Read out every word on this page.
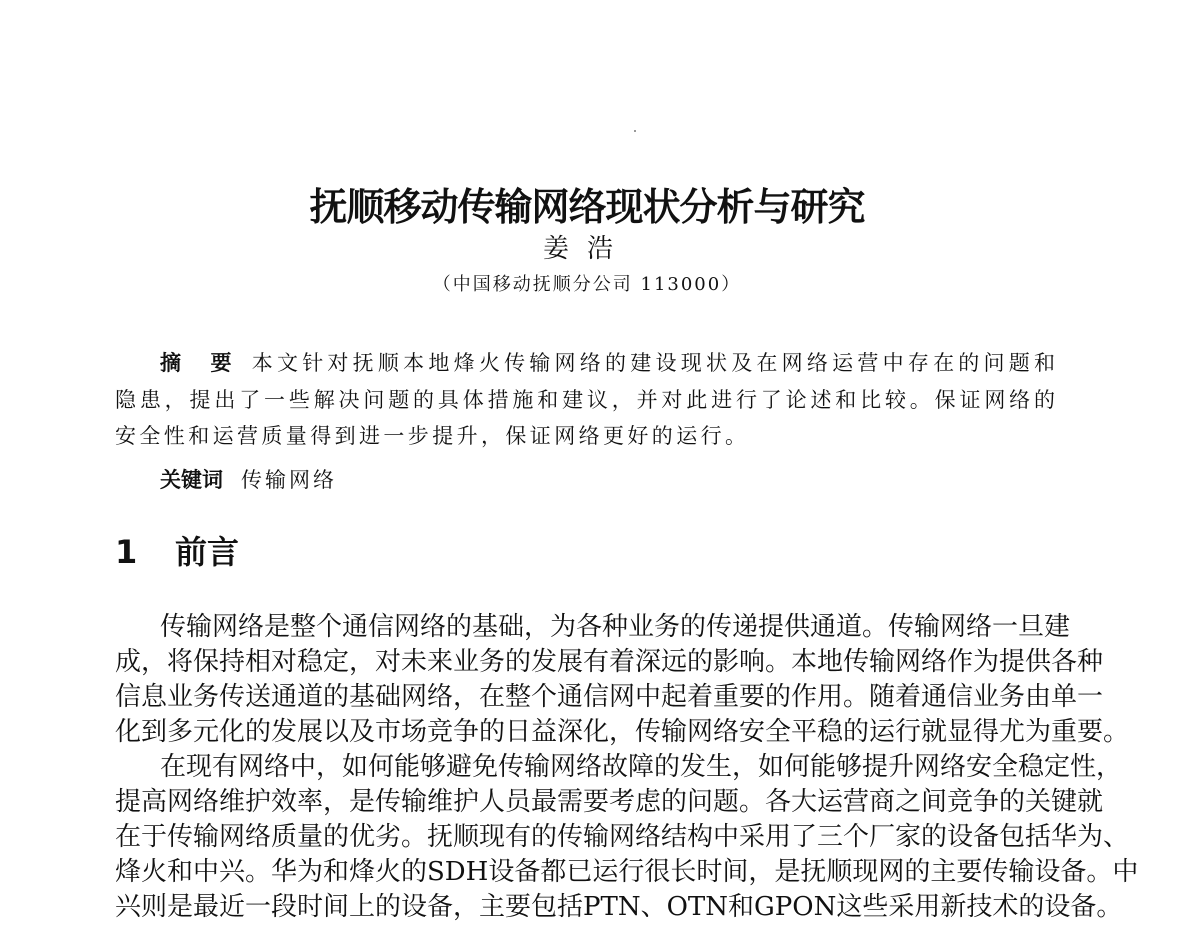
抚顺移动传输网络现状分析与研究
姜浩
（中国移动抚顺分公司 113000）
摘　要 本文针对抚顺本地烽火传输网络的建设现状及在网络运营中存在的问题和
隐患，提出了一些解决问题的具体措施和建议，并对此进行了论述和比较。保证网络的
安全性和运营质量得到进一步提升，保证网络更好的运行。
关键词 传输网络
1 前言
传输网络是整个通信网络的基础，为各种业务的传递提供通道。传输网络一旦建
成，将保持相对稳定，对未来业务的发展有着深远的影响。本地传输网络作为提供各种
信息业务传送通道的基础网络，在整个通信网中起着重要的作用。随着通信业务由单一
化到多元化的发展以及市场竞争的日益深化，传输网络安全平稳的运行就显得尤为重要。
在现有网络中，如何能够避免传输网络故障的发生，如何能够提升网络安全稳定性，
提高网络维护效率，是传输维护人员最需要考虑的问题。各大运营商之间竞争的关键就
在于传输网络质量的优劣。抚顺现有的传输网络结构中采用了三个厂家的设备包括华为、
烽火和中兴。华为和烽火的SDH设备都已运行很长时间，是抚顺现网的主要传输设备。中
兴则是最近一段时间上的设备，主要包括PTN、OTN和GPON这些采用新技术的设备。
